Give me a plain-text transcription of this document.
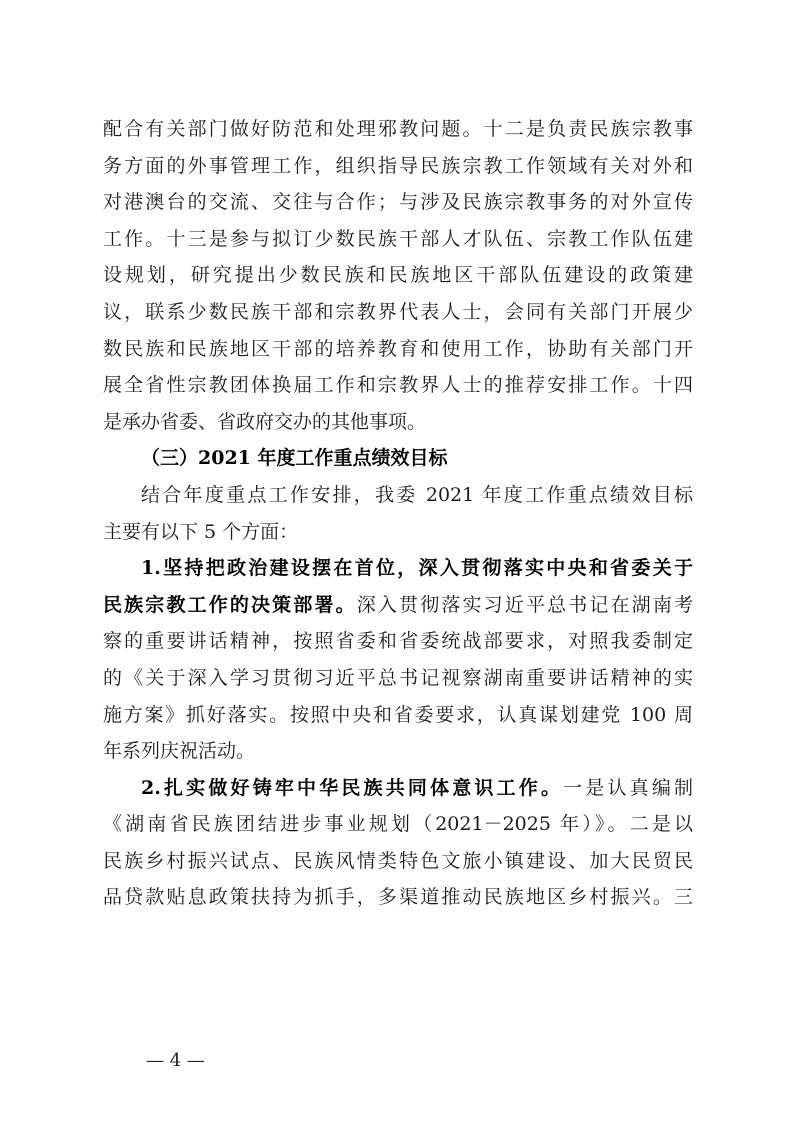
配合有关部门做好防范和处理邪教问题。十二是负责民族宗教事
务方面的外事管理工作，组织指导民族宗教工作领域有关对外和
对港澳台的交流、交往与合作；与涉及民族宗教事务的对外宣传
工作。十三是参与拟订少数民族干部人才队伍、宗教工作队伍建
设规划，研究提出少数民族和民族地区干部队伍建设的政策建
议，联系少数民族干部和宗教界代表人士，会同有关部门开展少
数民族和民族地区干部的培养教育和使用工作，协助有关部门开
展全省性宗教团体换届工作和宗教界人士的推荐安排工作。十四
是承办省委、省政府交办的其他事项。
（三）2021 年度工作重点绩效目标
结合年度重点工作安排，我委 2021 年度工作重点绩效目标
主要有以下 5 个方面：
1.坚持把政治建设摆在首位，深入贯彻落实中央和省委关于
民族宗教工作的决策部署。深入贯彻落实习近平总书记在湖南考
察的重要讲话精神，按照省委和省委统战部要求，对照我委制定
的《关于深入学习贯彻习近平总书记视察湖南重要讲话精神的实
施方案》抓好落实。按照中央和省委要求，认真谋划建党 100 周
年系列庆祝活动。
2.扎实做好铸牢中华民族共同体意识工作。一是认真编制
《湖南省民族团结进步事业规划（2021－2025 年）》。二是以
民族乡村振兴试点、民族风情类特色文旅小镇建设、加大民贸民
品贷款贴息政策扶持为抓手，多渠道推动民族地区乡村振兴。三
— 4 —
